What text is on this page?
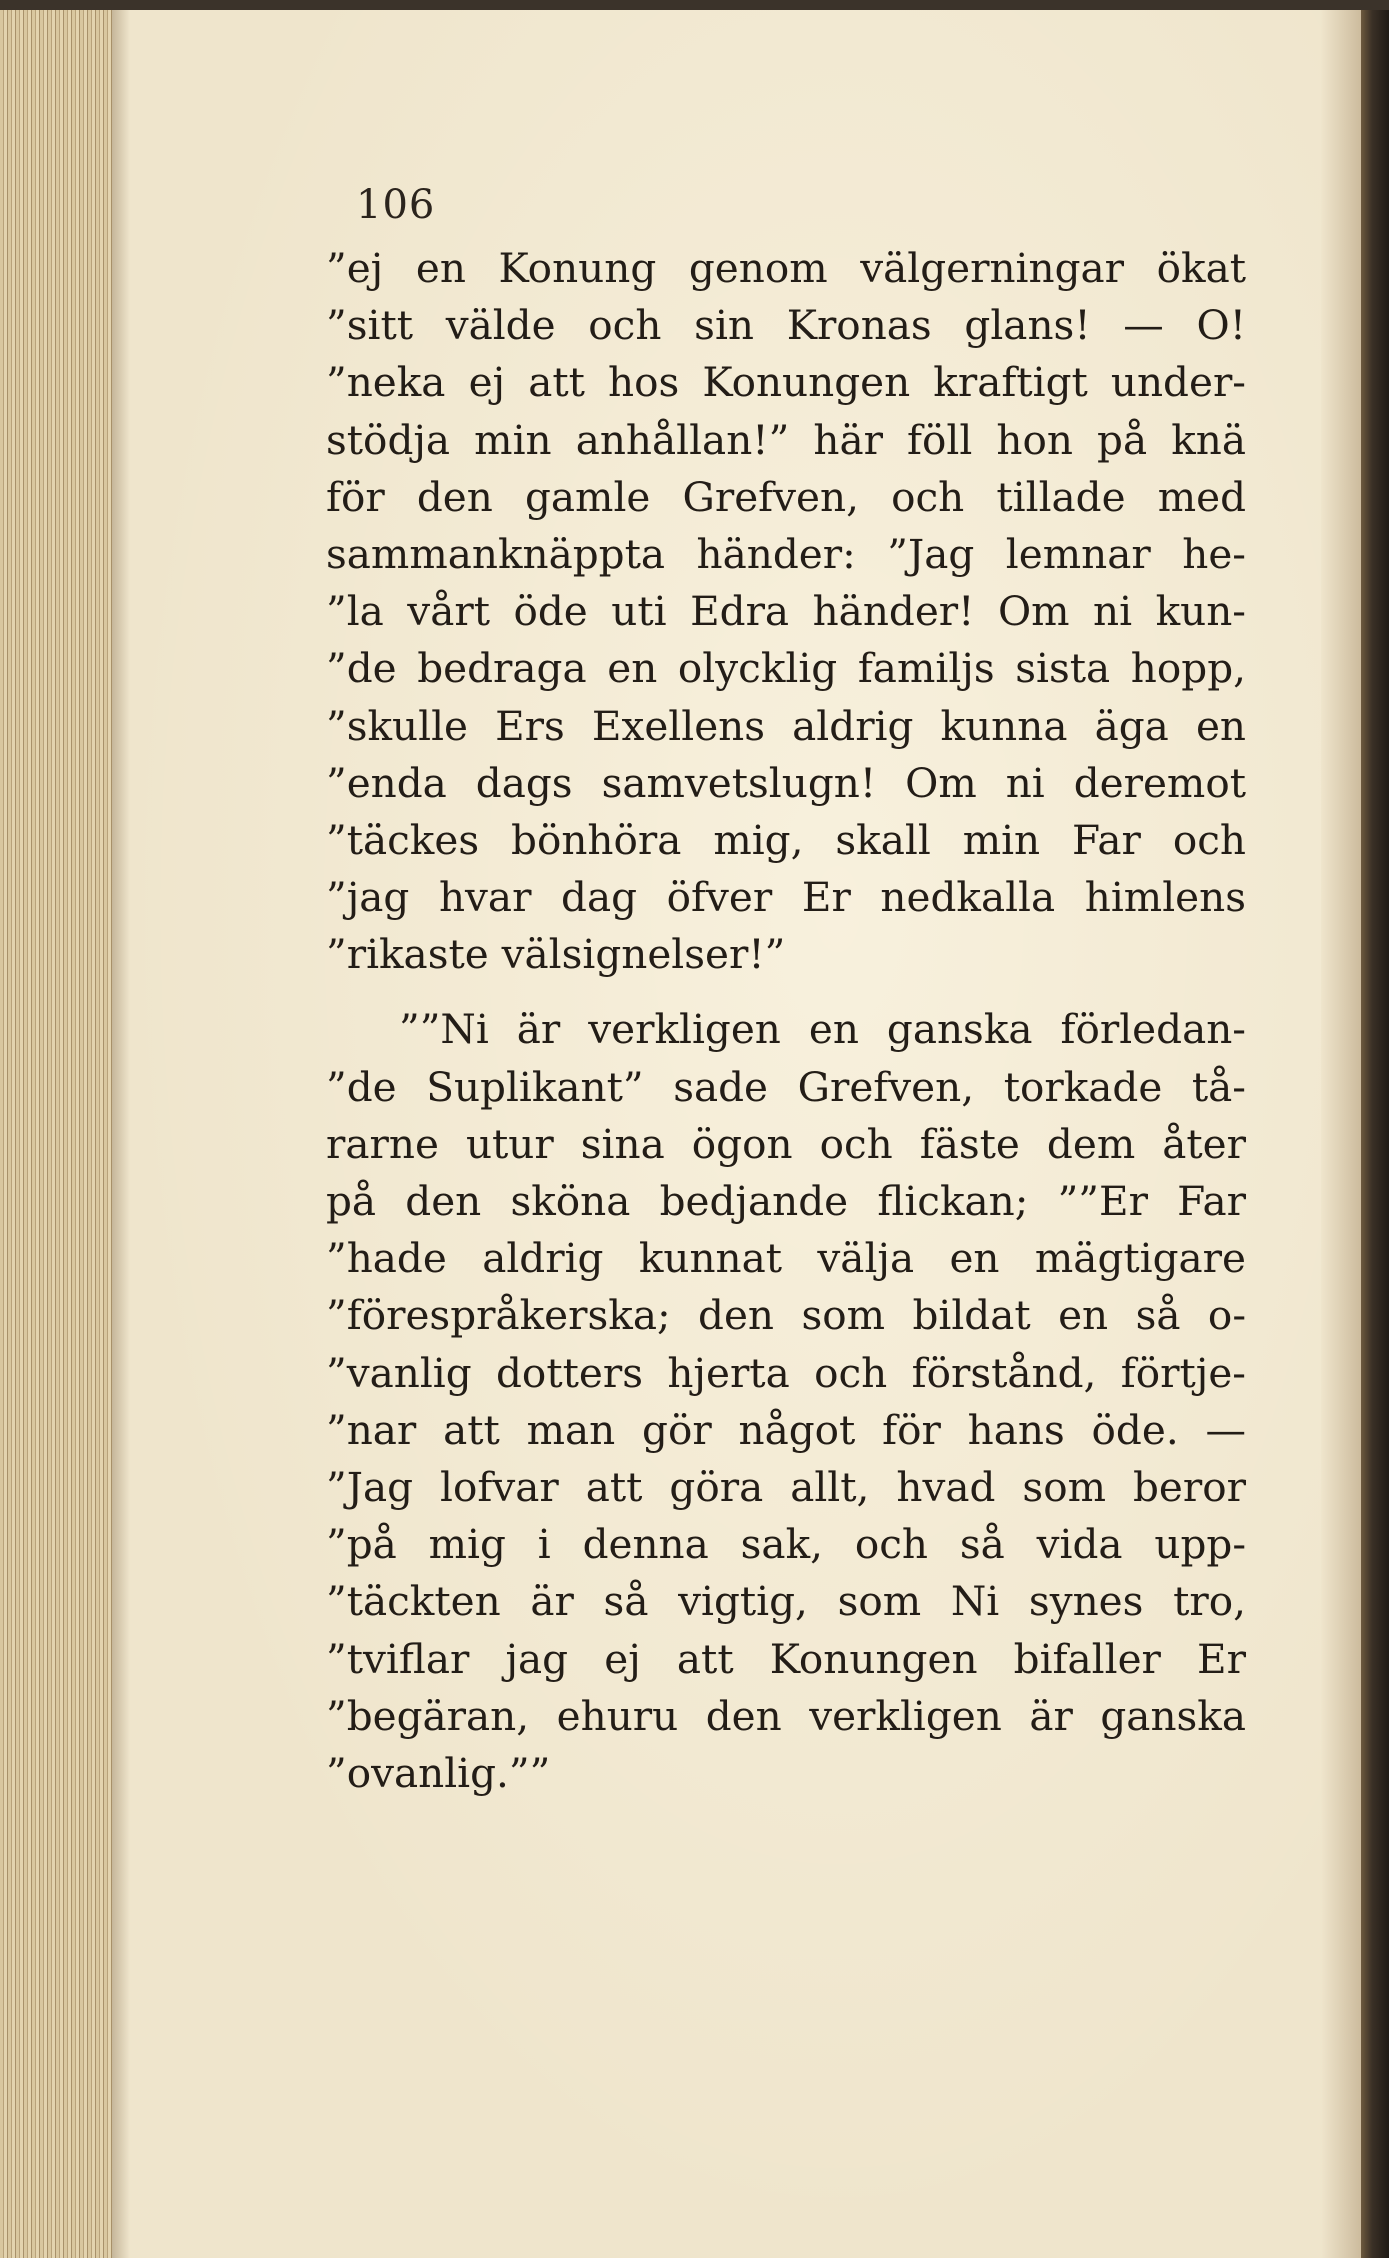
106
”ej en Konung genom välgerningar ökat
”sitt välde och sin Kronas glans! — O!
”neka ej att hos Konungen kraftigt under-
stödja min anhållan!” här föll hon på knä
för den gamle Grefven, och tillade med
sammanknäppta händer: ”Jag lemnar he-
”la vårt öde uti Edra händer! Om ni kun-
”de bedraga en olycklig familjs sista hopp,
”skulle Ers Exellens aldrig kunna äga en
”enda dags samvetslugn! Om ni deremot
”täckes bönhöra mig, skall min Far och
”jag hvar dag öfver Er nedkalla himlens
”rikaste välsignelser!”
””Ni är verkligen en ganska förledan-
”de Suplikant” sade Grefven, torkade tå-
rarne utur sina ögon och fäste dem åter
på den sköna bedjande flickan; ””Er Far
”hade aldrig kunnat välja en mägtigare
”förespråkerska; den som bildat en så o-
”vanlig dotters hjerta och förstånd, förtje-
”nar att man gör något för hans öde. —
”Jag lofvar att göra allt, hvad som beror
”på mig i denna sak, och så vida upp-
”täckten är så vigtig, som Ni synes tro,
”tviflar jag ej att Konungen bifaller Er
”begäran, ehuru den verkligen är ganska
”ovanlig.””
